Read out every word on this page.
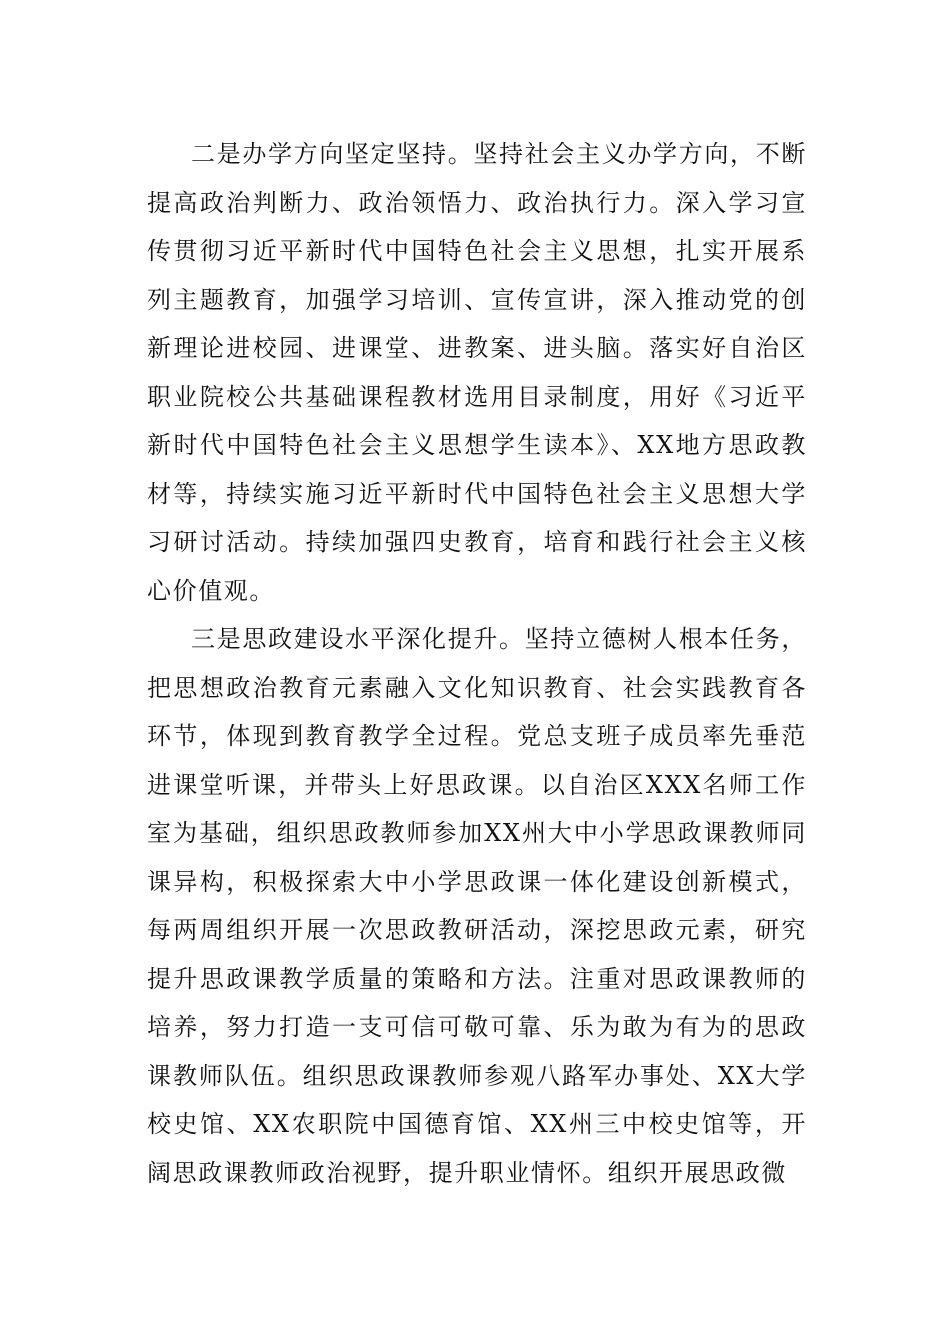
二是办学方向坚定坚持。坚持社会主义办学方向，不断提高政治判断力、政治领悟力、政治执行力。深入学习宣传贯彻习近平新时代中国特色社会主义思想，扎实开展系列主题教育，加强学习培训、宣传宣讲，深入推动党的创新理论进校园、进课堂、进教案、进头脑。落实好自治区职业院校公共基础课程教材选用目录制度，用好《习近平新时代中国特色社会主义思想学生读本》、XX地方思政教材等，持续实施习近平新时代中国特色社会主义思想大学习研讨活动。持续加强四史教育，培育和践行社会主义核心价值观。

三是思政建设水平深化提升。坚持立德树人根本任务，把思想政治教育元素融入文化知识教育、社会实践教育各环节，体现到教育教学全过程。党总支班子成员率先垂范进课堂听课，并带头上好思政课。以自治区XXX名师工作室为基础，组织思政教师参加XX州大中小学思政课教师同课异构，积极探索大中小学思政课一体化建设创新模式，每两周组织开展一次思政教研活动，深挖思政元素，研究提升思政课教学质量的策略和方法。注重对思政课教师的培养，努力打造一支可信可敬可靠、乐为敢为有为的思政课教师队伍。组织思政课教师参观八路军办事处、XX大学校史馆、XX农职院中国德育馆、XX州三中校史馆等，开阔思政课教师政治视野，提升职业情怀。组织开展思政微
